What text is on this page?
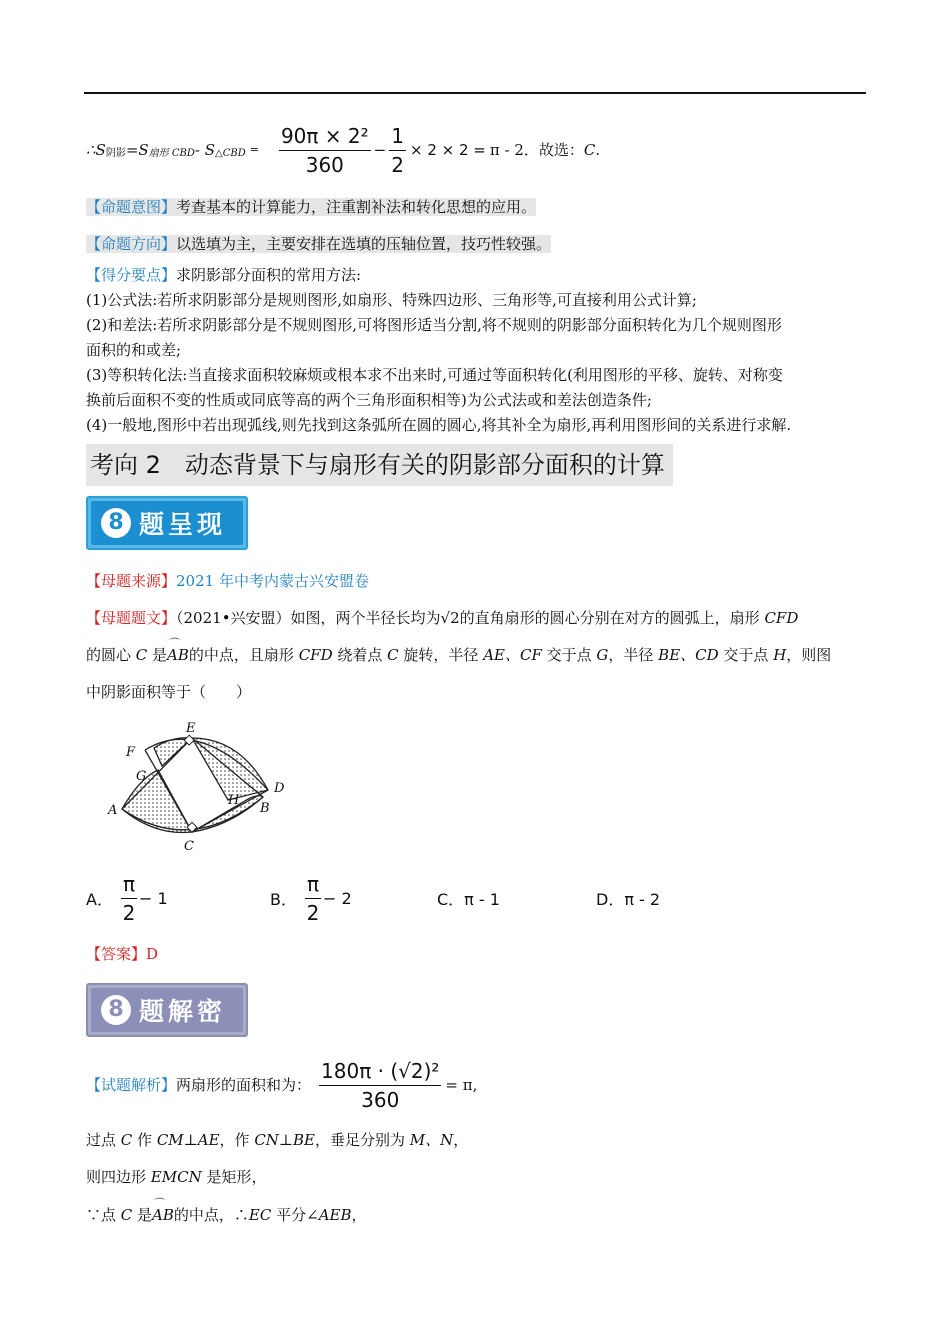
∴S 阴影 =S 扇形 CBD - S △CBD = $\frac{\text{90π × 2²}}{360} - \frac{1}{2} \times 2 \times 2 = \pi - 2$．故选： C .
【命题意图】考查基本的计算能力，注重割补法和转化思想的应用。
【命题方向】以选填为主，主要安排在选填的压轴位置，技巧性较强。
【得分要点】求阴影部分面积的常用方法:
(1)公式法:若所求阴影部分是规则图形,如扇形、特殊四边形、三角形等,可直接利用公式计算;
(2)和差法:若所求阴影部分是不规则图形,可将图形适当分割,将不规则的阴影部分面积转化为几个规则图形
面积的和或差;
(3)等积转化法:当直接求面积较麻烦或根本求不出来时,可通过等面积转化(利用图形的平移、旋转、对称变
换前后面积不变的性质或同底等高的两个三角形面积相等)为公式法或和差法创造条件;
(4)一般地,图形中若出现弧线,则先找到这条弧所在圆的圆心,将其补全为扇形,再利用图形间的关系进行求解.
考向 2　动态背景下与扇形有关的阴影部分面积的计算
8 题呈现
【母题来源】2021 年中考内蒙古兴安盟卷
【母题题文】（2021•兴安盟）如图，两个半径长均为√2的直角扇形的圆心分别在对方的圆弧上，扇形 CFD
的圆心 C 是⌒ AB的中点，且扇形 CFD 绕着点 C 旋转，半径 AE、CF 交于点 G，半径 BE、CD 交于点 H，则图
中阴影面积等于（　　）
E
F
G
A
C
H
B
D
A． $\frac{\pi}{2} - 1$	B． $\frac{\pi}{2} - 2$	C．π - 1	D．π - 2
【答案】D
8 题解密
【试题解析】 两扇形的面积和为： $\frac{\text{180π · (√2)²}}{360} = \pi$,
过点 C 作 CM⊥AE，作 CN⊥BE，垂足分别为 M、N，
则四边形 EMCN 是矩形，
∵点 C 是⌒ AB的中点，∴EC 平分∠AEB，
